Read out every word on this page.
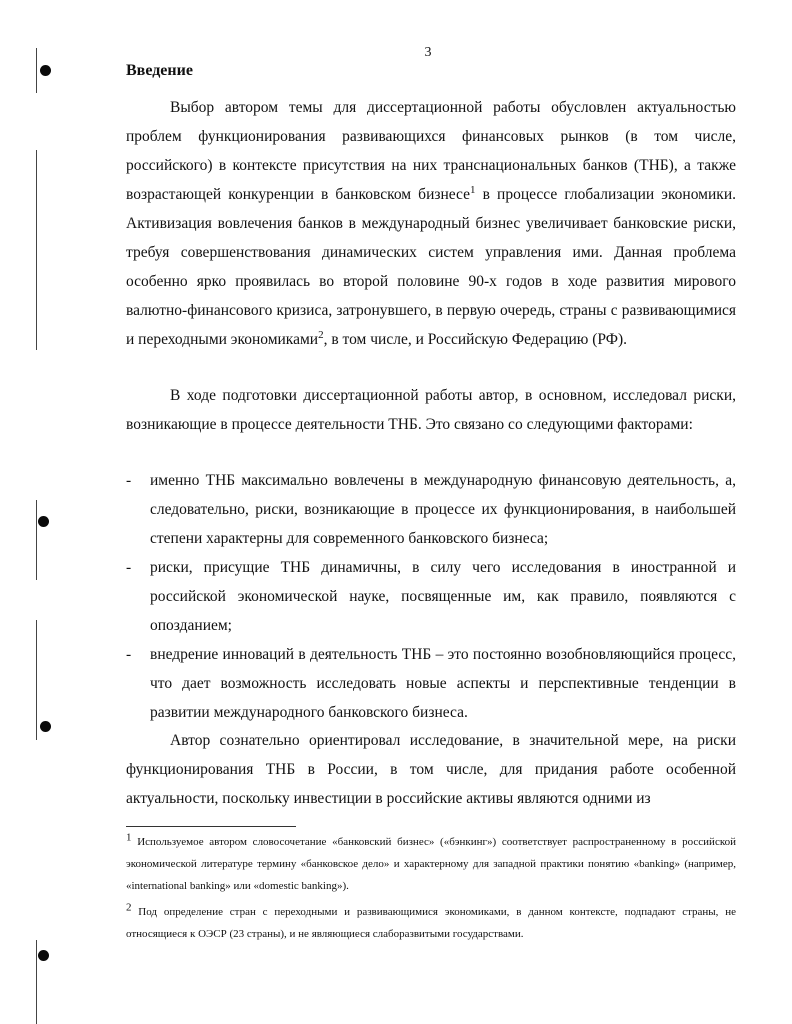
3
Введение

Выбор автором темы для диссертационной работы обусловлен актуальностью проблем функционирования развивающихся финансовых рынков (в том числе, российского) в контексте присутствия на них транснациональных банков (ТНБ), а также возрастающей конкуренции в банковском бизнесе$^1$ в процессе глобализации экономики. Активизация вовлечения банков в международный бизнес увеличивает банковские риски, требуя совершенствования динамических систем управления ими. Данная проблема особенно ярко проявилась во второй половине 90-х годов в ходе развития мирового валютно-финансового кризиса, затронувшего, в первую очередь, страны с развивающимися и переходными экономиками$^2$, в том числе, и Российскую Федерацию (РФ).

В ходе подготовки диссертационной работы автор, в основном, исследовал риски, возникающие в процессе деятельности ТНБ. Это связано со следующими факторами:

- именно ТНБ максимально вовлечены в международную финансовую деятельность, а, следовательно, риски, возникающие в процессе их функционирования, в наибольшей степени характерны для современного банковского бизнеса;
- риски, присущие ТНБ динамичны, в силу чего исследования в иностранной и российской экономической науке, посвященные им, как правило, появляются с опозданием;
- внедрение инноваций в деятельность ТНБ – это постоянно возобновляющийся процесс, что дает возможность исследовать новые аспекты и перспективные тенденции в развитии международного банковского бизнеса.

Автор сознательно ориентировал исследование, в значительной мере, на риски функционирования ТНБ в России, в том числе, для придания работе особенной актуальности, поскольку инвестиции в российские активы являются одними из

$^1$ Используемое автором словосочетание «банковский бизнес» («бэнкинг») соответствует распространенному в российской экономической литературе термину «банковское дело» и характерному для западной практики понятию «banking» (например, «international banking» или «domestic banking»).

$^2$ Под определение стран с переходными и развивающимися экономиками, в данном контексте, подпадают страны, не относящиеся к ОЭСР (23 страны), и не являющиеся слаборазвитыми государствами.
